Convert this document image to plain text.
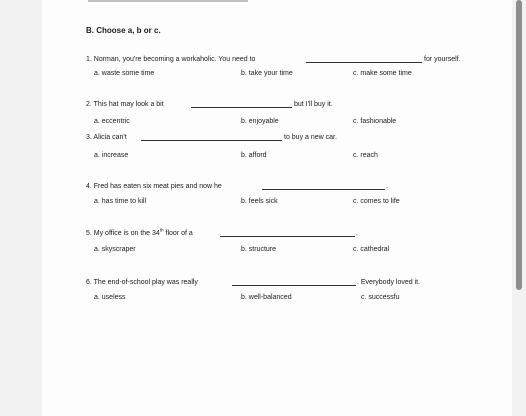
B. Choose a, b or c.
1. Norman, you're becoming a workaholic. You need to	for yourself.
a. waste some time	b. take your time	c. make some time
2. This hat may look a bit	but I'll buy it.
a. eccentric	b. enjoyable	c. fashionable
3. Alicia can't	to buy a new car.
a. increase	b. afford	c. reach
4. Fred has eaten six meat pies and now he	.
a. has time to kill	b. feels sick	c. comes to life
5. My office is on the 34th floor of a	.
a. skyscraper	b. structure	c. cathedral
6. The end-of-school play was really	. Everybody loved it.
a. useless	b. well-balanced	c. successfu
